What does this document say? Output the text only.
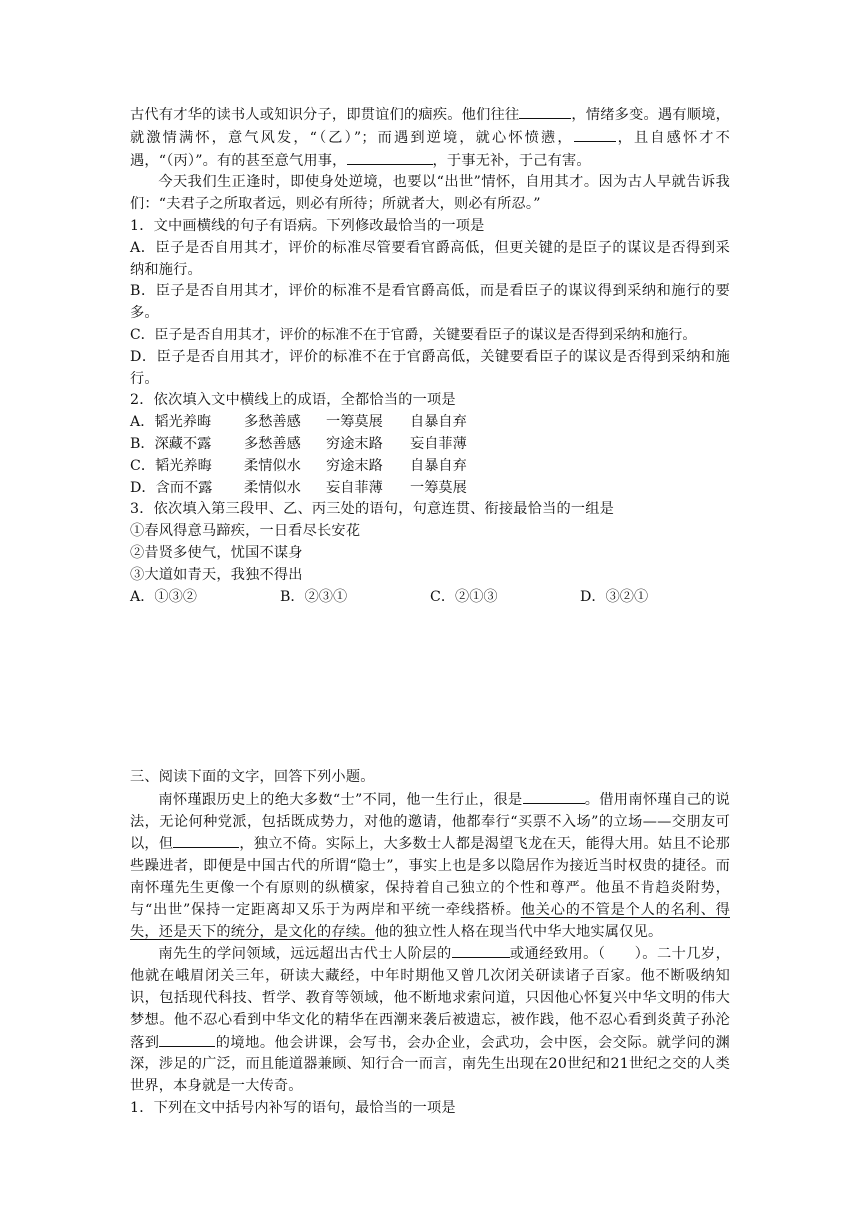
古代有才华的读书人或知识分子，即贯谊们的痼疾。他们往往	，情绪多变。遇有顺境，就激情满怀，意气风发，“（乙）”；而遇到逆境，就心怀愤懑，	，且自感怀才不遇，“（丙）”。有的甚至意气用事，	，于事无补，于己有害。

今天我们生正逢时，即使身处逆境，也要以“出世”情怀，自用其才。因为古人早就告诉我们：“夫君子之所取者远，则必有所待；所就者大，则必有所忍。”

1．文中画横线的句子有语病。下列修改最恰当的一项是

A．臣子是否自用其才，评价的标准尽管要看官爵高低，但更关键的是臣子的谋议是否得到采纳和施行。

B．臣子是否自用其才，评价的标准不是看官爵高低，而是看臣子的谋议得到采纳和施行的要多。

C．臣子是否自用其才，评价的标准不在于官爵，关键要看臣子的谋议是否得到采纳和施行。

D．臣子是否自用其才，评价的标准不在于官爵高低，关键要看臣子的谋议是否得到采纳和施行。

2．依次填入文中横线上的成语，全都恰当的一项是

A．韬光养晦	多愁善感	一筹莫展	自暴自弃
B．深藏不露	多愁善感	穷途末路	妄自菲薄
C．韬光养晦	柔情似水	穷途末路	自暴自弃
D．含而不露	柔情似水	妄自菲薄	一筹莫展

3．依次填入第三段甲、乙、丙三处的语句，句意连贯、衔接最恰当的一组是

①春风得意马蹄疾，一日看尽长安花

②昔贤多使气，忧国不谋身

③大道如青天，我独不得出

A．①③②	B．②③①	C．②①③	D．③②①

三、阅读下面的文字，回答下列小题。

南怀瑾跟历史上的绝大多数“士”不同，他一生行止，很是	。借用南怀瑾自己的说法，无论何种党派，包括既成势力，对他的邀请，他都奉行“买票不入场”的立场——交朋友可以，但	，独立不倚。实际上，大多数士人都是渴望飞龙在天，能得大用。姑且不论那些躁进者，即便是中国古代的所谓“隐士”，事实上也是多以隐居作为接近当时权贵的捷径。而南怀瑾先生更像一个有原则的纵横家，保持着自己独立的个性和尊严。他虽不肯趋炎附势，与“出世”保持一定距离却又乐于为两岸和平统一牵线搭桥。他关心的不管是个人的名利、得失，还是天下的统分，是文化的存续。他的独立性人格在现当代中华大地实属仅见。

南先生的学问领域，远远超出古代士人阶层的	或通经致用。（　　）。二十几岁，他就在峨眉闭关三年，研读大藏经，中年时期他又曾几次闭关研读诸子百家。他不断吸纳知识，包括现代科技、哲学、教育等领域，他不断地求索问道，只因他心怀复兴中华文明的伟大梦想。他不忍心看到中华文化的精华在西潮来袭后被遗忘，被作践，他不忍心看到炎黄子孙沦落到	的境地。他会讲课，会写书，会办企业，会武功，会中医，会交际。就学问的渊深，涉足的广泛，而且能道器兼顾、知行合一而言，南先生出现在20世纪和21世纪之交的人类世界，本身就是一大传奇。

1．下列在文中括号内补写的语句，最恰当的一项是
